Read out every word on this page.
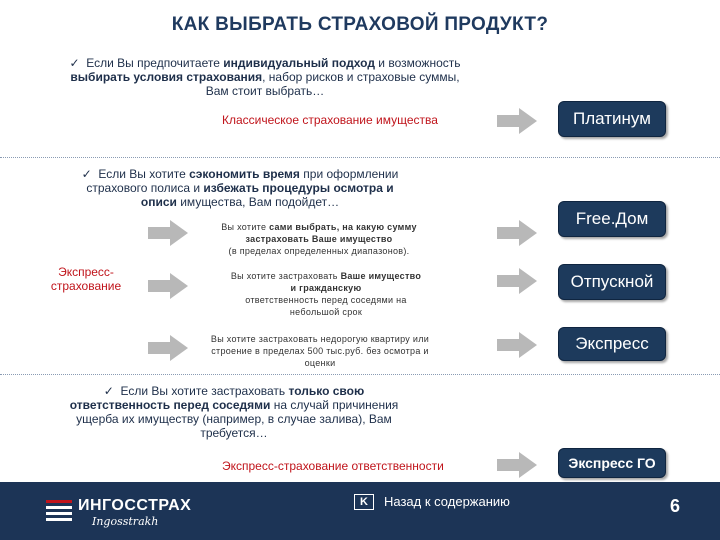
КАК ВЫБРАТЬ СТРАХОВОЙ ПРОДУКТ?
✓ Если Вы предпочитаете индивидуальный подход и возможность
выбирать условия страхования, набор рисков и страховые суммы,
Вам стоит выбрать…
Классическое страхование имущества	Платинум
✓ Если Вы хотите сэкономить время при оформлении
страхового полиса и избежать процедуры осмотра и
описи имущества, Вам подойдет…
Экспресс-страхование
Вы хотите сами выбрать, на какую сумму застраховать Ваше имущество
(в пределах определенных диапазонов).
Free.Дом
Вы хотите застраховать Ваше имущество и гражданскую
ответственность перед соседями на небольшой срок
Отпускной
Вы хотите застраховать недорогую квартиру или строение в пределах 500 тыс.руб. без осмотра и оценки
Экспресс
✓ Если Вы хотите застраховать только свою
ответственность перед соседями на случай причинения
ущерба их имуществу (например, в случае залива), Вам
требуется…
Экспресс-страхование ответственности	Экспресс ГО
ИНГОССТРАХ
Ingosstrakh
K	Назад к содержанию	6
